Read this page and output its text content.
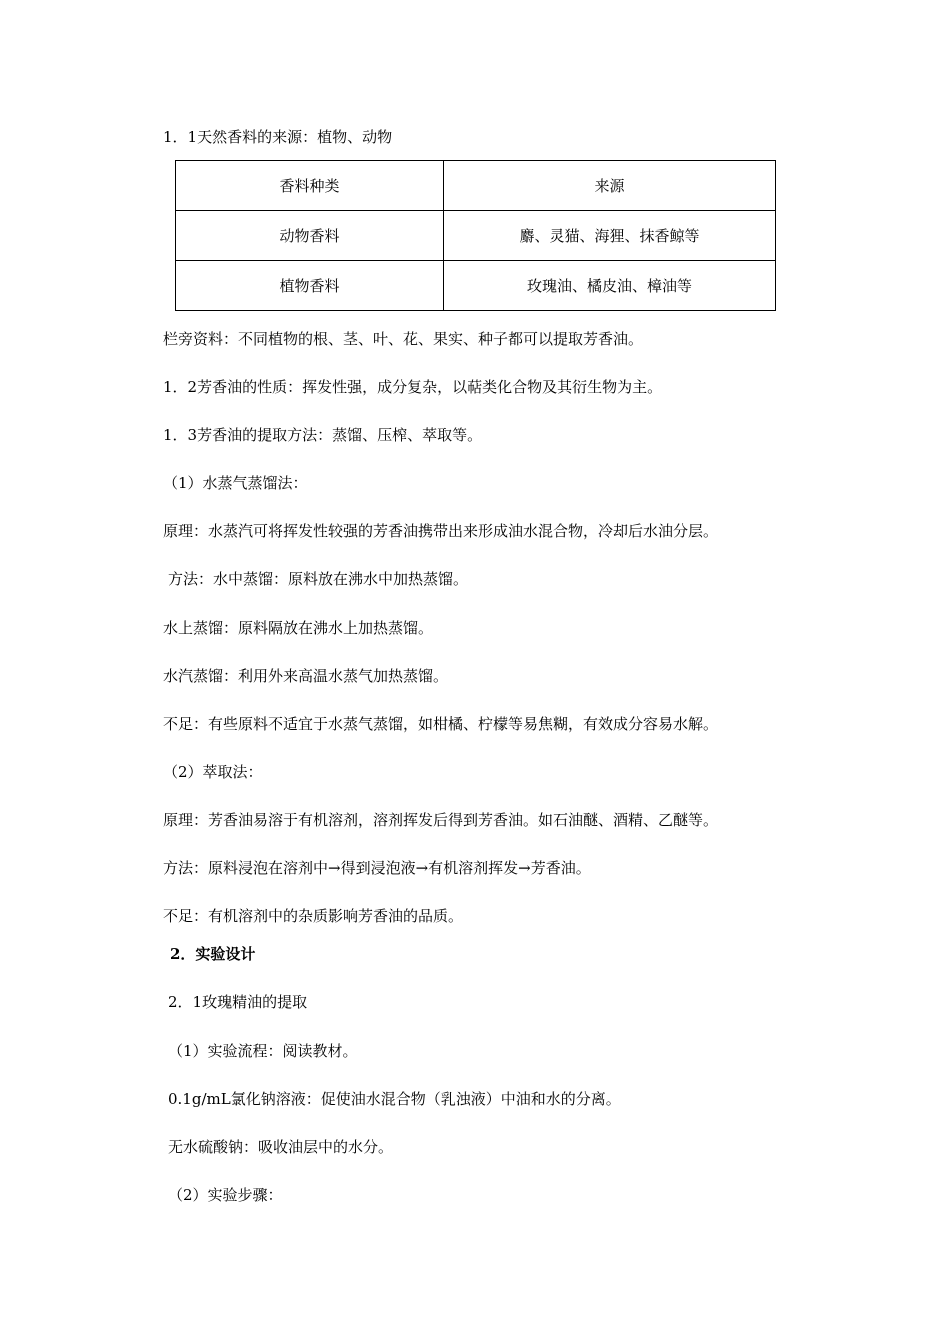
1．1天然香料的来源：植物、动物
香料种类	来源
动物香料	麝、灵猫、海狸、抹香鲸等
植物香料	玫瑰油、橘皮油、樟油等
栏旁资料：不同植物的根、茎、叶、花、果实、种子都可以提取芳香油。
1．2芳香油的性质：挥发性强，成分复杂，以萜类化合物及其衍生物为主。
1．3芳香油的提取方法：蒸馏、压榨、萃取等。
（1）水蒸气蒸馏法：
原理：水蒸汽可将挥发性较强的芳香油携带出来形成油水混合物，冷却后水油分层。
方法：水中蒸馏：原料放在沸水中加热蒸馏。
水上蒸馏：原料隔放在沸水上加热蒸馏。
水汽蒸馏：利用外来高温水蒸气加热蒸馏。
不足：有些原料不适宜于水蒸气蒸馏，如柑橘、柠檬等易焦糊，有效成分容易水解。
（2）萃取法：
原理：芳香油易溶于有机溶剂，溶剂挥发后得到芳香油。如石油醚、酒精、乙醚等。
方法：原料浸泡在溶剂中→得到浸泡液→有机溶剂挥发→芳香油。
不足：有机溶剂中的杂质影响芳香油的品质。
2．实验设计
2．1玫瑰精油的提取
（1）实验流程：阅读教材。
0.1g/mL氯化钠溶液：促使油水混合物（乳浊液）中油和水的分离。
无水硫酸钠：吸收油层中的水分。
（2）实验步骤：
